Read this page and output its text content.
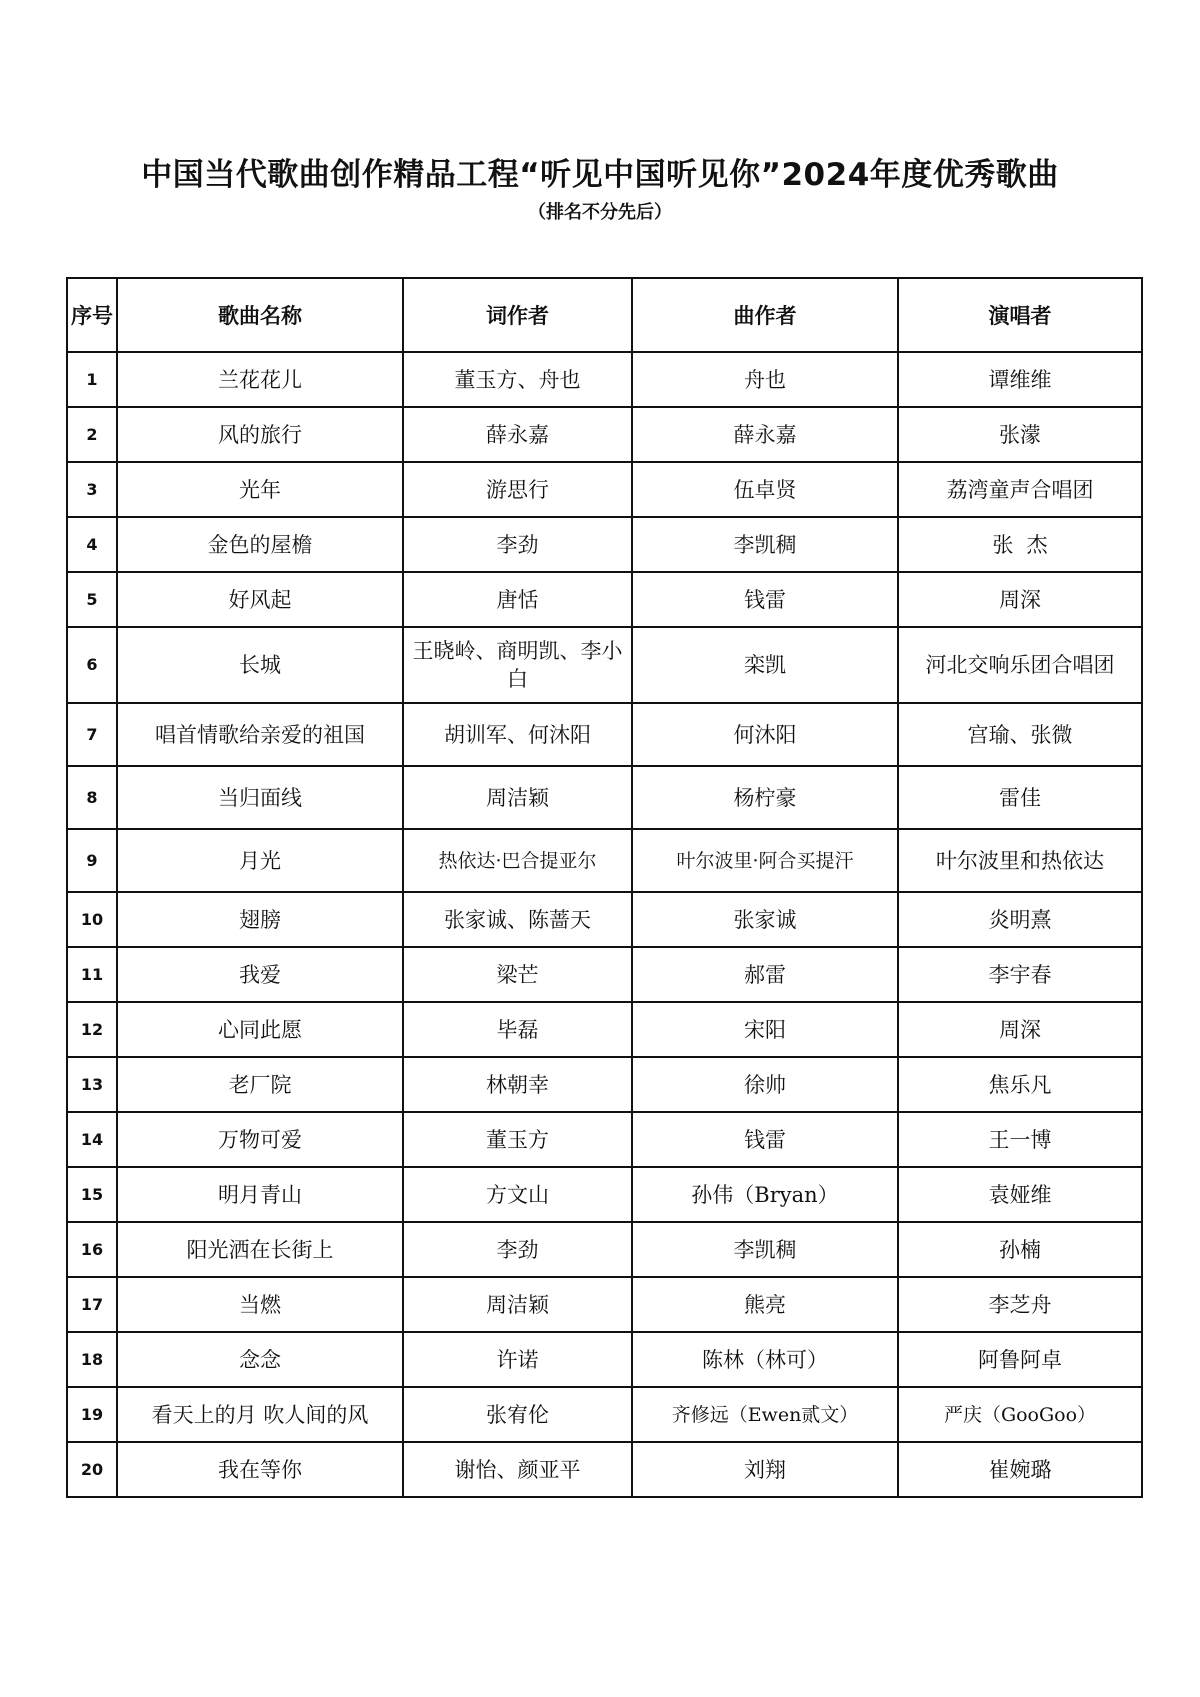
中国当代歌曲创作精品工程“听见中国听见你”2024年度优秀歌曲
（排名不分先后）
序号	歌曲名称	词作者	曲作者	演唱者
1	兰花花儿	董玉方、舟也	舟也	谭维维
2	风的旅行	薛永嘉	薛永嘉	张濛
3	光年	游思行	伍卓贤	荔湾童声合唱团
4	金色的屋檐	李劲	李凯稠	张  杰
5	好风起	唐恬	钱雷	周深
6	长城	王晓岭、商明凯、李小白	栾凯	河北交响乐团合唱团
7	唱首情歌给亲爱的祖国	胡训军、何沐阳	何沐阳	宫瑜、张微
8	当归面线	周洁颖	杨柠豪	雷佳
9	月光	热依达·巴合提亚尔	叶尔波里·阿合买提汗	叶尔波里和热依达
10	翅膀	张家诚、陈蔷天	张家诚	炎明熹
11	我爱	梁芒	郝雷	李宇春
12	心同此愿	毕磊	宋阳	周深
13	老厂院	林朝幸	徐帅	焦乐凡
14	万物可爱	董玉方	钱雷	王一博
15	明月青山	方文山	孙伟（Bryan）	袁娅维
16	阳光洒在长街上	李劲	李凯稠	孙楠
17	当燃	周洁颖	熊亮	李芝舟
18	念念	许诺	陈林（林可）	阿鲁阿卓
19	看天上的月 吹人间的风	张宥伦	齐修远（Ewen贰文）	严庆（GooGoo）
20	我在等你	谢怡、颜亚平	刘翔	崔婉璐
